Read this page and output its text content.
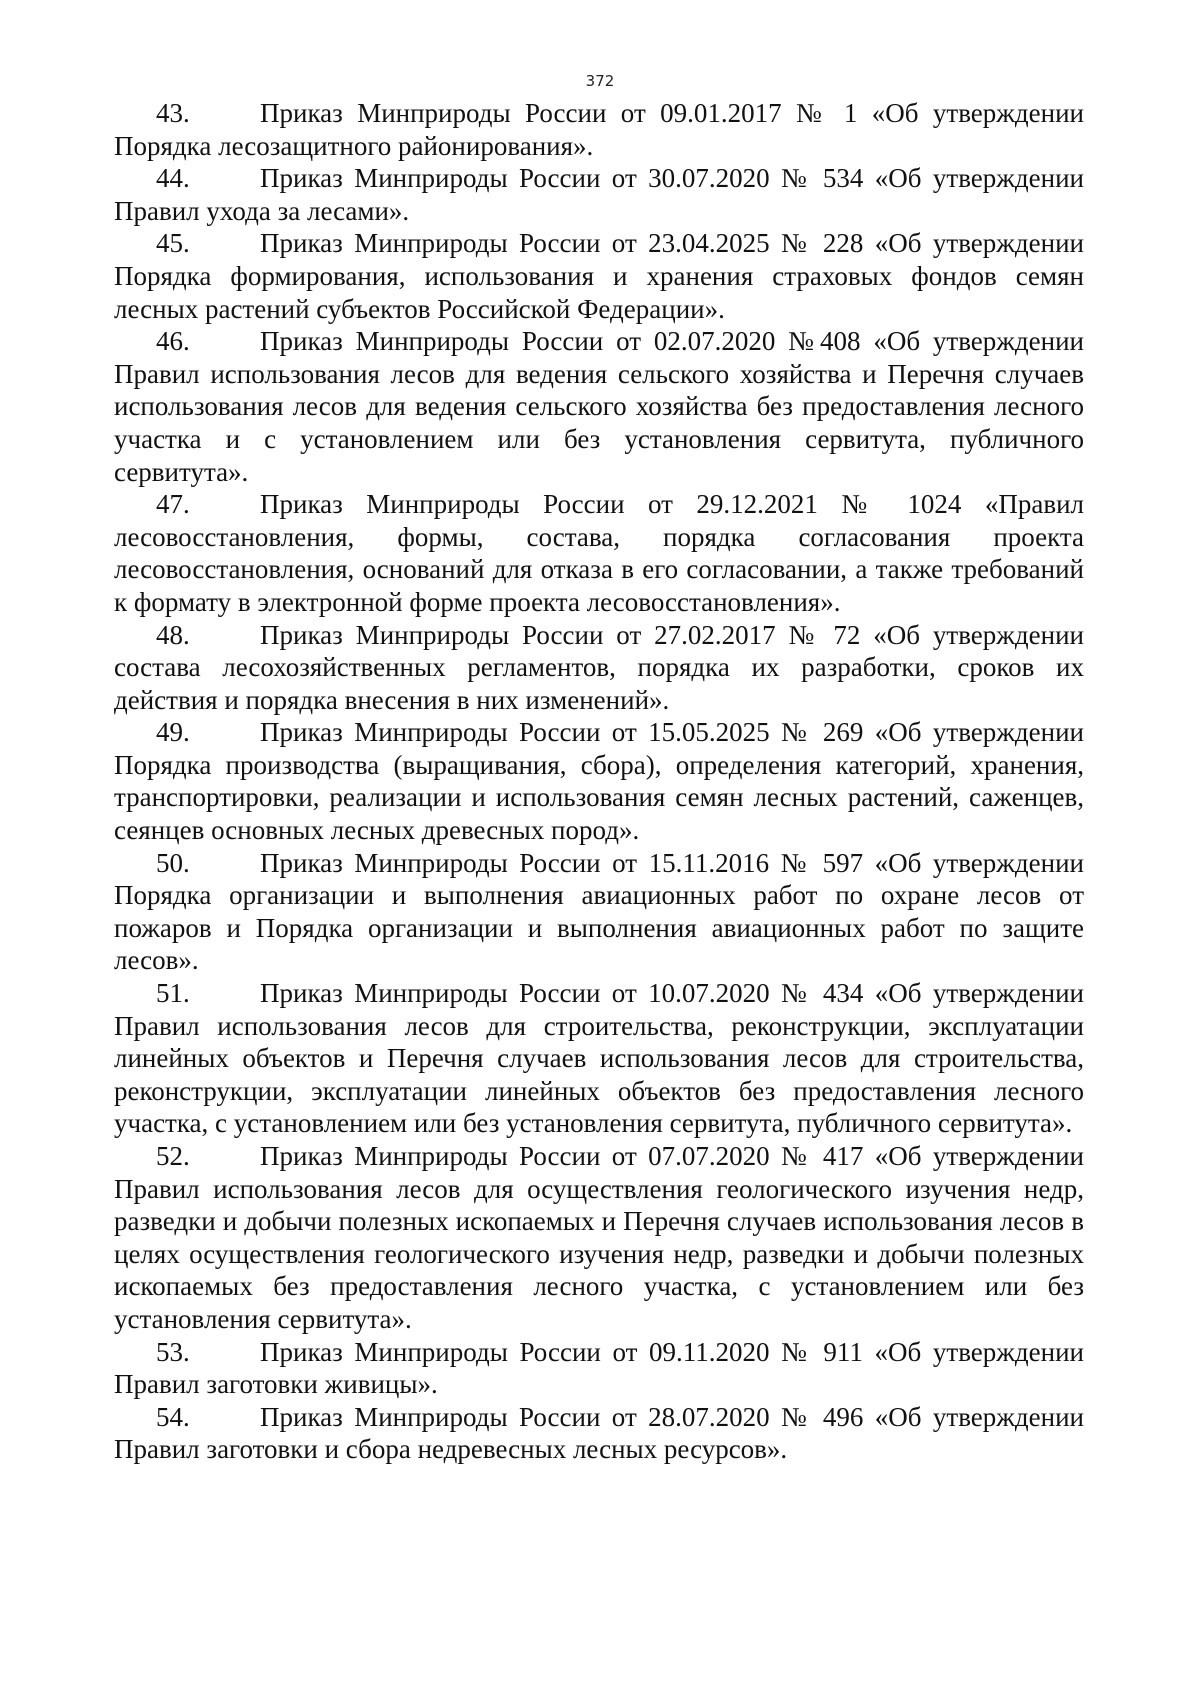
372

43.	Приказ Минприроды России от 09.01.2017 № 1 «Об утверждении Порядка лесозащитного районирования».

44.	Приказ Минприроды России от 30.07.2020 № 534 «Об утверждении Правил ухода за лесами».

45.	Приказ Минприроды России от 23.04.2025 № 228 «Об утверждении Порядка формирования, использования и хранения страховых фондов семян лесных растений субъектов Российской Федерации».

46.	Приказ Минприроды России от 02.07.2020 №408 «Об утверждении Правил использования лесов для ведения сельского хозяйства и Перечня случаев использования лесов для ведения сельского хозяйства без предоставления лесного участка и с установлением или без установления сервитута, публичного сервитута».

47.	Приказ Минприроды России от 29.12.2021 № 1024 «Правил лесовосстановления, формы, состава, порядка согласования проекта лесовосстановления, оснований для отказа в его согласовании, а также требований к формату в электронной форме проекта лесовосстановления».

48.	Приказ Минприроды России от 27.02.2017 № 72 «Об утверждении состава лесохозяйственных регламентов, порядка их разработки, сроков их действия и порядка внесения в них изменений».

49.	Приказ Минприроды России от 15.05.2025 № 269 «Об утверждении Порядка производства (выращивания, сбора), определения категорий, хранения, транспортировки, реализации и использования семян лесных растений, саженцев, сеянцев основных лесных древесных пород».

50.	Приказ Минприроды России от 15.11.2016 № 597 «Об утверждении Порядка организации и выполнения авиационных работ по охране лесов от пожаров и Порядка организации и выполнения авиационных работ по защите лесов».

51.	Приказ Минприроды России от 10.07.2020 № 434 «Об утверждении Правил использования лесов для строительства, реконструкции, эксплуатации линейных объектов и Перечня случаев использования лесов для строительства, реконструкции, эксплуатации линейных объектов без предоставления лесного участка, с установлением или без установления сервитута, публичного сервитута».

52.	Приказ Минприроды России от 07.07.2020 № 417 «Об утверждении Правил использования лесов для осуществления геологического изучения недр, разведки и добычи полезных ископаемых и Перечня случаев использования лесов в целях осуществления геологического изучения недр, разведки и добычи полезных ископаемых без предоставления лесного участка, с установлением или без установления сервитута».

53.	Приказ Минприроды России от 09.11.2020 № 911 «Об утверждении Правил заготовки живицы».

54.	Приказ Минприроды России от 28.07.2020 № 496 «Об утверждении Правил заготовки и сбора недревесных лесных ресурсов».
